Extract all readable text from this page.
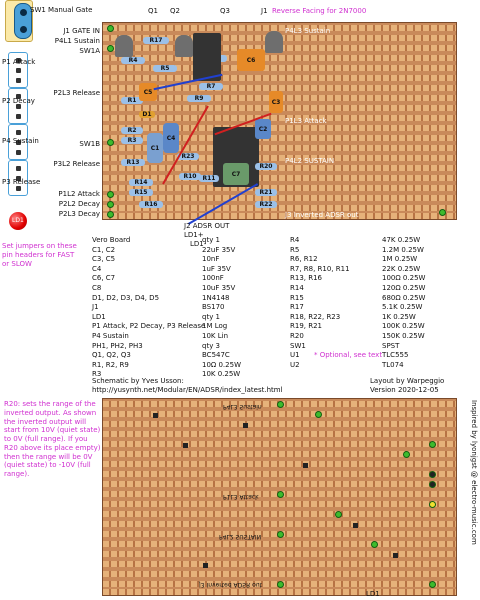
LD1
SW1 Manual Gate
P1 Attack
P2 Decay
P4 Sustain
P3 Release
Set jumpers on these pin headers for FAST or SLOW
Q1 Q2	Q3	J1 Reverse Facing for 2N7000
J1 GATE IN
P4L1 Sustain
SW1A
P2L3 Release
SW1B
P3L2 Release
P1L2 Attack
P2L2 Decay
P2L3 Decay
P4L3 Sustain
P1L3 Attack
P4L2 SUSTAIN
J3 Inverted ADSR out
R17
R4
R5
C6
R7
R9
R1
R2
R3
C5
C3
C4
C1
R13
R14
R15
R16
R10	R11
R23
C7
R22
R20
R21
C2
D1
J2 ADSR OUT
LD1+
LD1-
Vero Board	qty 1
C1, C2	22uF 35V
C3, C5	10nF
C4	1uF 35V
C6, C7	100nF
C8	10uF 35V
D1, D2, D3, D4, D5	1N4148
J1	BS170
LD1	qty 1
P1 Attack, P2 Decay, P3 Release
1M Log
P4 Sustain	10K Lin
PH1, PH2, PH3	qty 3
Q1, Q2, Q3	BC547C
R1, R2, R9	10Ω 0.25W
R3	10K 0.25W
R4	47K 0.25W
R5	1.2M 0.25W
R6, R12	1M 0.25W
R7, R8, R10, R11	22K 0.25W
R13, R16	100Ω 0.25W
R14	120Ω 0.25W
R15	680Ω 0.25W
R17	5.1K 0.25W
R18, R22, R23	1K 0.25W
R19, R21	100K 0.25W
R20	150K 0.25W
SW1	SPST
U1	TLC555
U2	TL074
* Optional, see text
Schematic by Yves Usson:	Layout by Warpeggio
http://yusynth.net/Modular/EN/ADSR/index_latest.html	Version 2020-12-05
R20: sets the range of the inverted output. As shown the inverted output will start from 10V (quiet state) to 0V (full range). If you R20 above its place empty) then the range will be 0V (quiet state) to -10V (full range).
P4L3 Sustain
P1L3 Attack
P4L2 SUSTAIN
J3 Inverted ADSR out
LD1
Inspired by lyonjgst @ electro-music.com
